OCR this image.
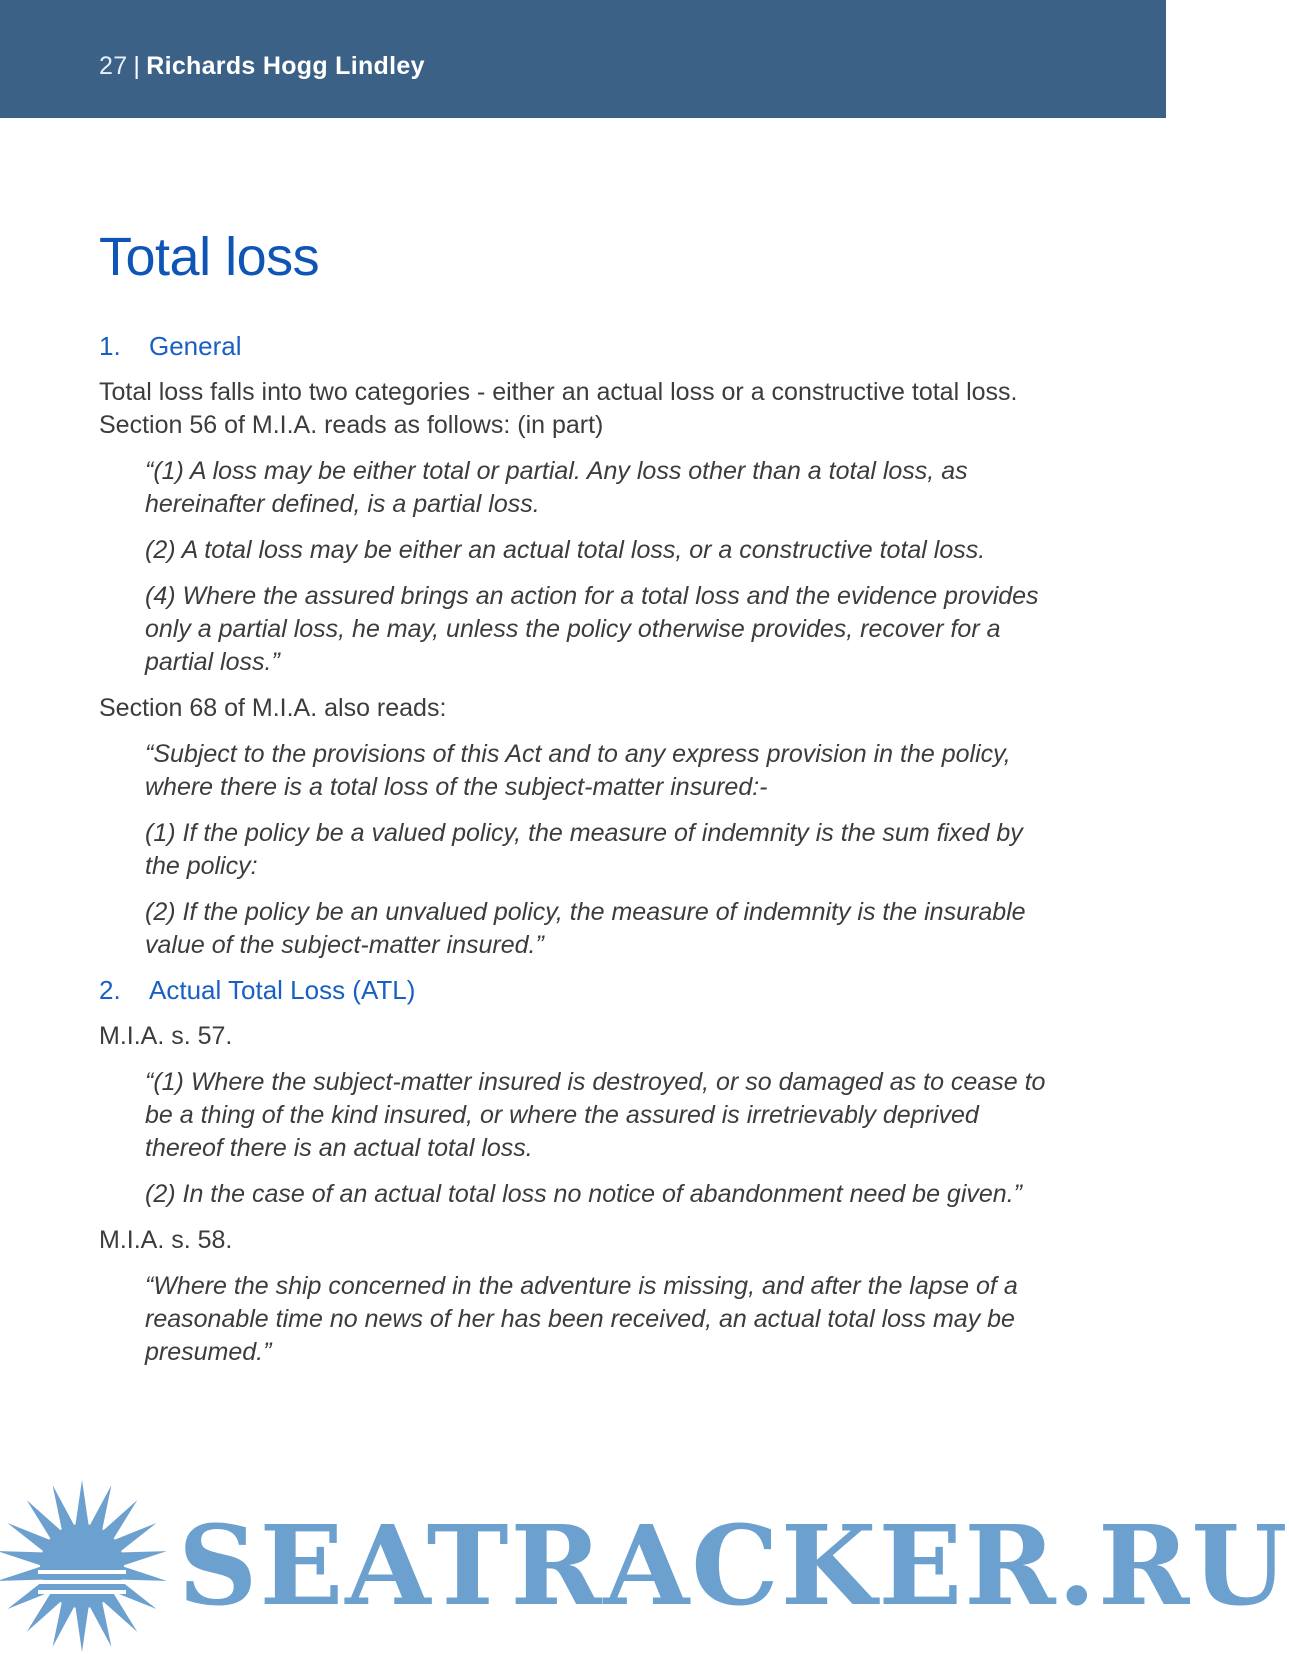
27 | Richards Hogg Lindley
Total loss
1. General

Total loss falls into two categories - either an actual loss or a constructive total loss. Section 56 of M.I.A. reads as follows: (in part)

“(1) A loss may be either total or partial. Any loss other than a total loss, as hereinafter defined, is a partial loss.

(2) A total loss may be either an actual total loss, or a constructive total loss.

(4) Where the assured brings an action for a total loss and the evidence provides only a partial loss, he may, unless the policy otherwise provides, recover for a partial loss.”

Section 68 of M.I.A. also reads:

“Subject to the provisions of this Act and to any express provision in the policy, where there is a total loss of the subject-matter insured:-

(1) If the policy be a valued policy, the measure of indemnity is the sum fixed by the policy:

(2) If the policy be an unvalued policy, the measure of indemnity is the insurable value of the subject-matter insured.”

2. Actual Total Loss (ATL)

M.I.A. s. 57.

“(1) Where the subject-matter insured is destroyed, or so damaged as to cease to be a thing of the kind insured, or where the assured is irretrievably deprived thereof there is an actual total loss.

(2) In the case of an actual total loss no notice of abandonment need be given.”

M.I.A. s. 58.

“Where the ship concerned in the adventure is missing, and after the lapse of a reasonable time no news of her has been received, an actual total loss may be presumed.”

SEATRACKER.RU
